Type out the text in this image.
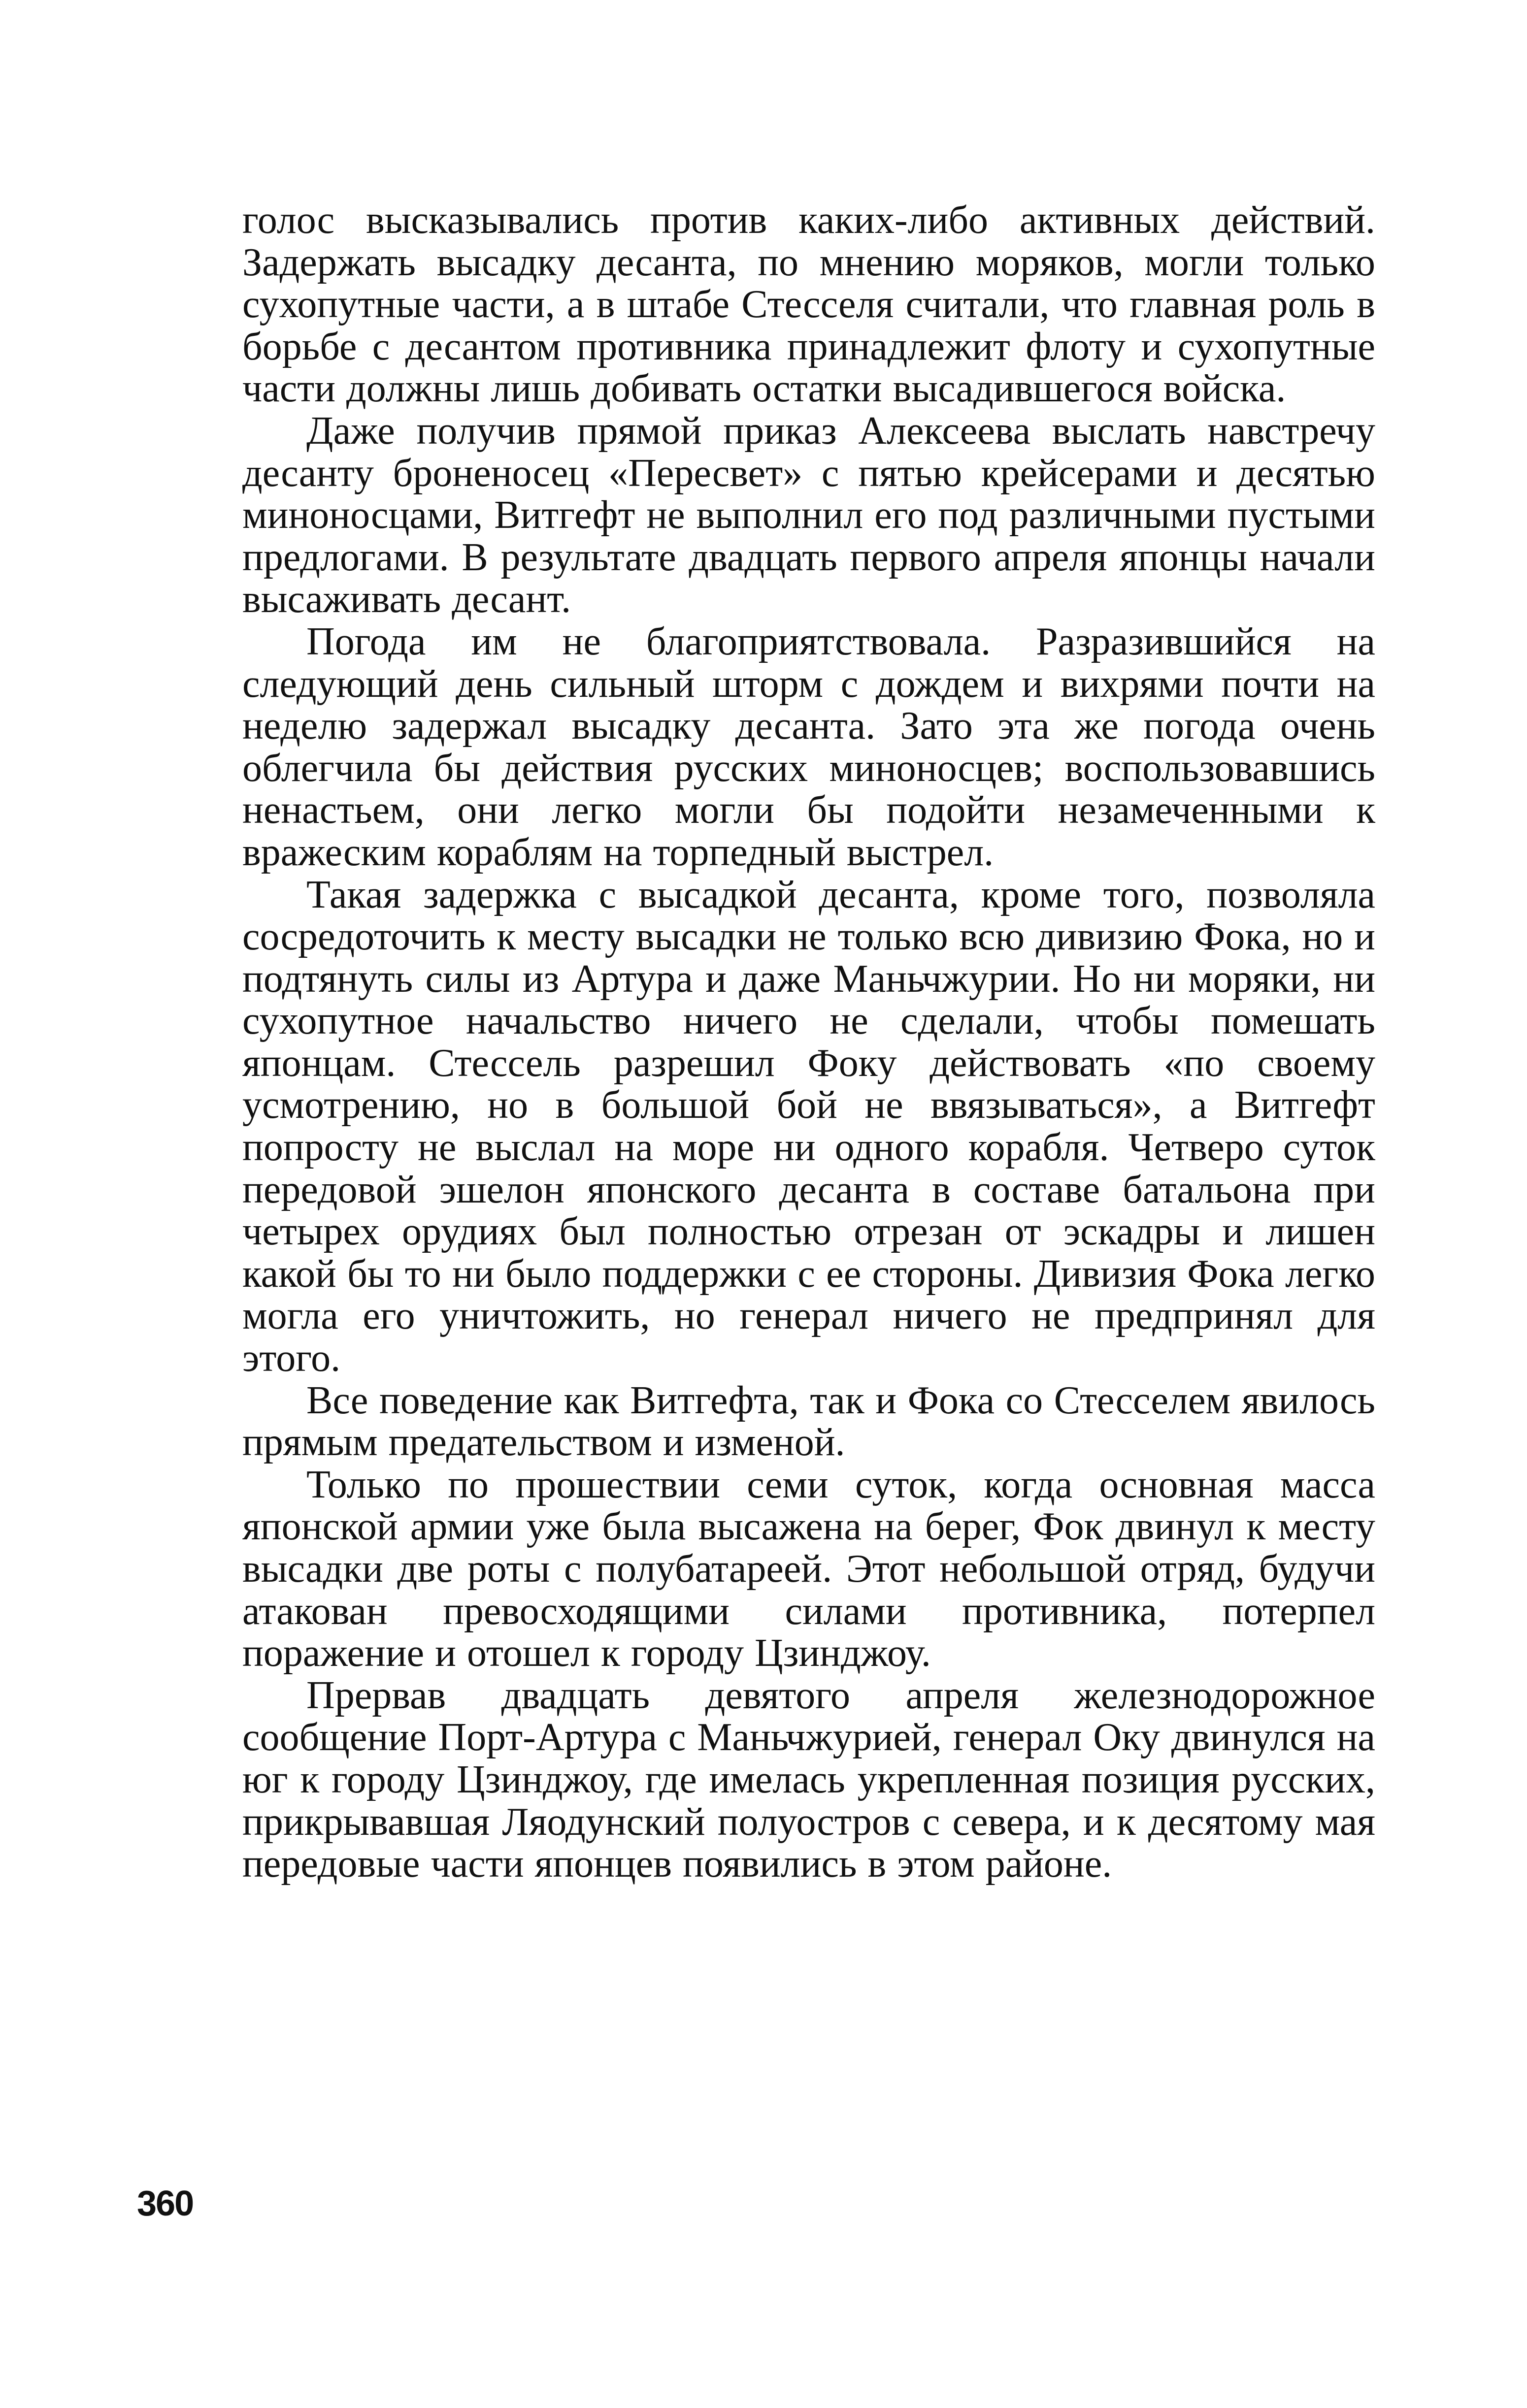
голос высказывались против каких-либо активных действий. Задержать высадку десанта, по мнению моряков, могли только сухопутные части, а в штабе Стесселя считали, что главная роль в борьбе с десантом противника принадлежит флоту и сухопутные части должны лишь добивать остатки высадившегося войска.

Даже получив прямой приказ Алексеева выслать навстречу десанту броненосец «Пересвет» с пятью крейсерами и десятью миноносцами, Витгефт не выполнил его под различными пустыми предлогами. В результате двадцать первого апреля японцы начали высаживать десант.

Погода им не благоприятствовала. Разразившийся на следующий день сильный шторм с дождем и вихрями почти на неделю задержал высадку десанта. Зато эта же погода очень облегчила бы действия русских миноносцев; воспользовавшись ненастьем, они легко могли бы подойти незамеченными к вражеским кораблям на торпедный выстрел.

Такая задержка с высадкой десанта, кроме того, позволяла сосредоточить к месту высадки не только всю дивизию Фока, но и подтянуть силы из Артура и даже Маньчжурии. Но ни моряки, ни сухопутное начальство ничего не сделали, чтобы помешать японцам. Стессель разрешил Фоку действовать «по своему усмотрению, но в большой бой не ввязываться», а Витгефт попросту не выслал на море ни одного корабля. Четверо суток передовой эшелон японского десанта в составе батальона при четырех орудиях был полностью отрезан от эскадры и лишен какой бы то ни было поддержки с ее стороны. Дивизия Фока легко могла его уничтожить, но генерал ничего не предпринял для этого.

Все поведение как Витгефта, так и Фока со Стесселем явилось прямым предательством и изменой.

Только по прошествии семи суток, когда основная масса японской армии уже была высажена на берег, Фок двинул к месту высадки две роты с полубатареей. Этот небольшой отряд, будучи атакован превосходящими силами противника, потерпел поражение и отошел к городу Цзинджоу.

Прервав двадцать девятого апреля железнодорожное сообщение Порт-Артура с Маньчжурией, генерал Оку двинулся на юг к городу Цзинджоу, где имелась укрепленная позиция русских, прикрывавшая Ляодунский полуостров с севера, и к десятому мая передовые части японцев появились в этом районе.

360
